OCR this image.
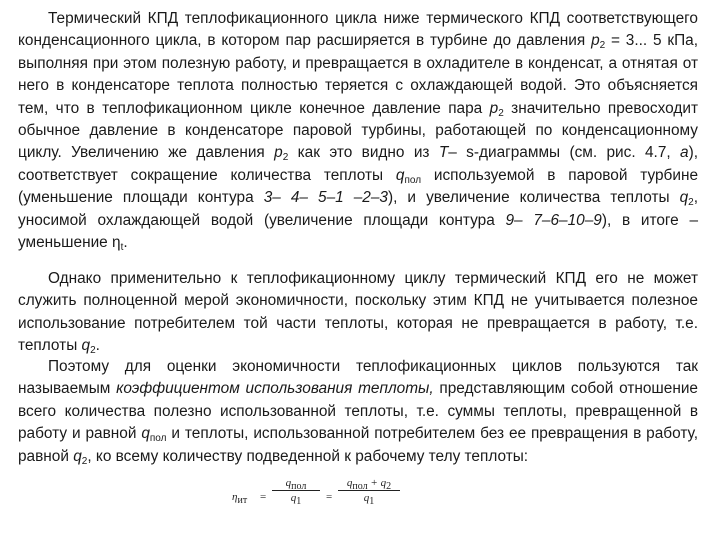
Термический КПД теплофикационного цикла ниже термического КПД соответствующего конденсационного цикла, в котором пар расширяется в турбине до давления $p_2 = 3$... 5 кПа, выполняя при этом полезную работу, и превращается в охладителе в конденсат, а отнятая от него в конденсаторе теплота полностью теряется с охлаждающей водой. Это объясняется тем, что в теплофикационном цикле конечное давление пара $p_2$ значительно превосходит обычное давление в конденсаторе паровой турбины, работающей по конденсационному циклу. Увеличению же давления $p_2$ как это видно из T– s-диаграммы (см. рис. 4.7, а), соответствует сокращение количества теплоты $q_{пол}$ используемой в паровой турбине (уменьшение площади контура 3– 4– 5–1 –2–3), и увеличение количества теплоты $q_2$, уносимой охлаждающей водой (увеличение площади контура 9– 7–6–10–9), в итоге – уменьшение $\eta_t$.

Однако применительно к теплофикационному циклу термический КПД его не может служить полноценной мерой экономичности, поскольку этим КПД не учитывается полезное использование потребителем той части теплоты, которая не превращается в работу, т.е. теплоты $q_2$.

Поэтому для оценки экономичности теплофикационных циклов пользуются так называемым коэффициентом использования теплоты, представляющим собой отношение всего количества полезно использованной теплоты, т.е. суммы теплоты, превращенной в работу и равной $q_{пол}$ и теплоты, использованной потребителем без ее превращения в работу, равной $q_2$, ко всему количеству подведенной к рабочему телу теплоты:

$\eta_{ит}$ =
$q_{пол}$
$q_1$	=
$q_{пол} + q_2$
$q_1$
